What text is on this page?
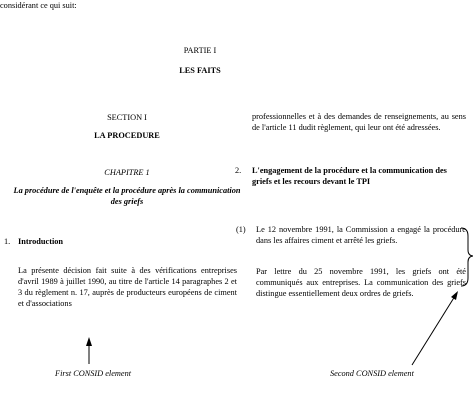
considérant ce qui suit:
PARTIE I
LES FAITS
SECTION I
LA PROCEDURE
CHAPITRE 1
La procédure de l'enquête et la procédure après la communication des griefs
1. Introduction
La présente décision fait suite à des vérifications entreprises d'avril 1989 à juillet 1990, au titre de l'article 14 paragraphes 2 et 3 du règlement n. 17, auprès de producteurs européens de ciment et d'associations
professionnelles et à des demandes de renseignements, au sens de l'article 11 dudit règlement, qui leur ont été adressées.
2. L'engagement de la procédure et la communication des griefs et les recours devant le TPI
(1) Le 12 novembre 1991, la Commission a engagé la procédure dans les affaires ciment et arrêté les griefs.
Par lettre du 25 novembre 1991, les griefs ont été communiqués aux entreprises. La communication des griefs distingue essentiellement deux ordres de griefs.
First CONSID element	Second CONSID element
